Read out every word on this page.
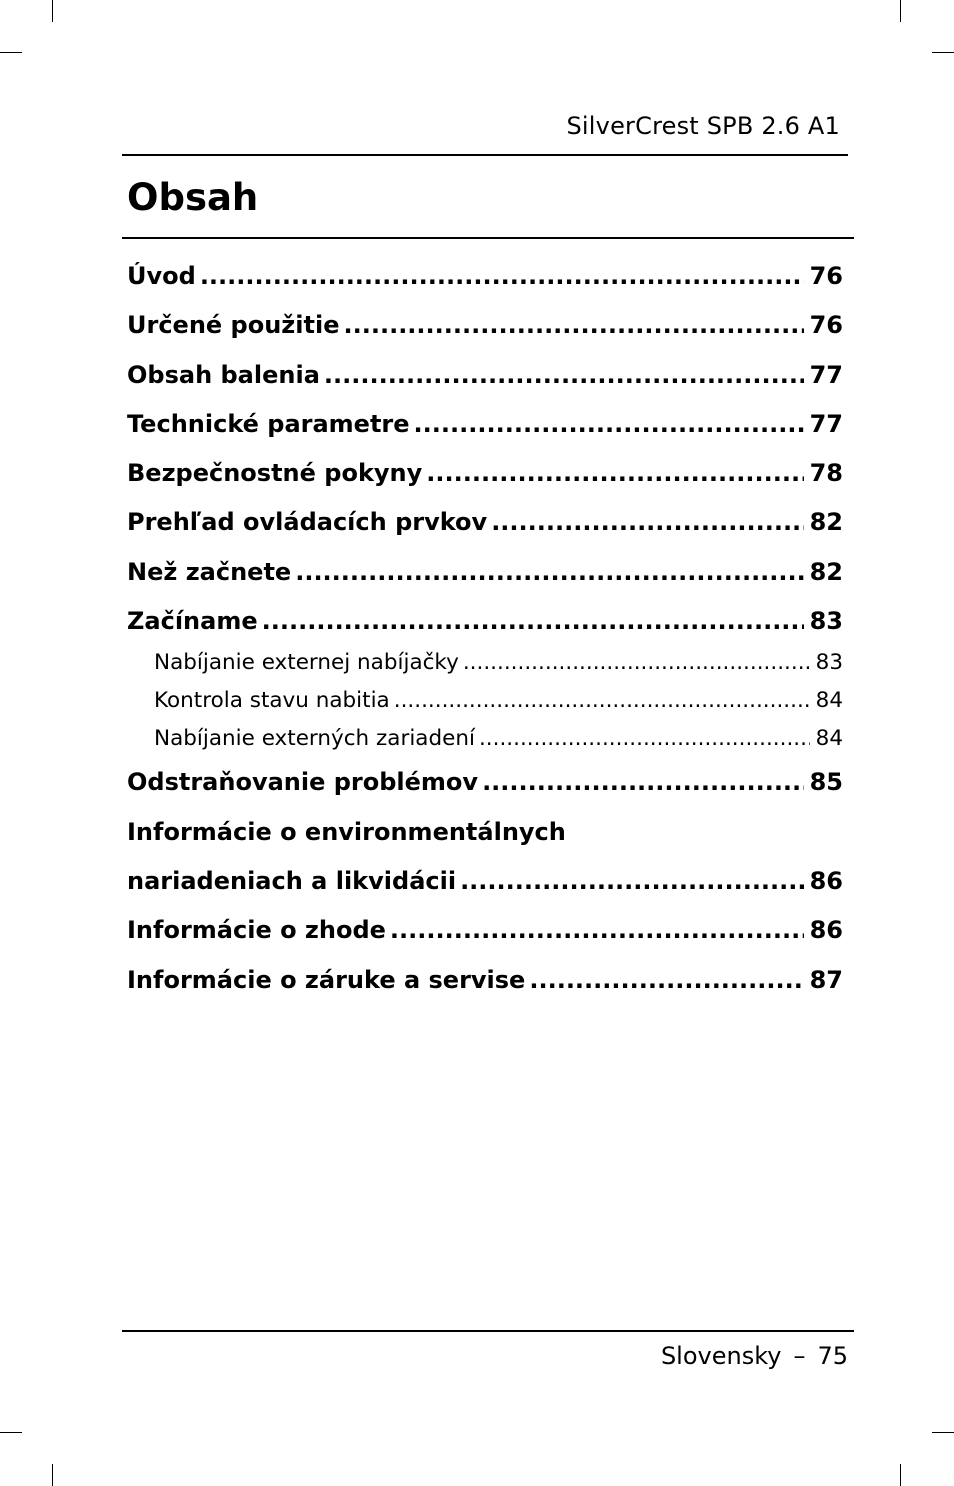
SilverCrest SPB 2.6 A1
Obsah
Úvod .....	76
Určené použitie .....	76
Obsah balenia .....	77
Technické parametre .....	77
Bezpečnostné pokyny .....	78
Prehľad ovládacích prvkov .....	82
Než začnete .....	82
Začíname .....	83
Nabíjanie externej nabíjačky .....	83
Kontrola stavu nabitia .....	84
Nabíjanie externých zariadení .....	84
Odstraňovanie problémov .....	85
Informácie o environmentálnych
nariadeniach a likvidácii .....	86
Informácie o zhode .....	86
Informácie o záruke a servise .....	87
Slovensky – 75
